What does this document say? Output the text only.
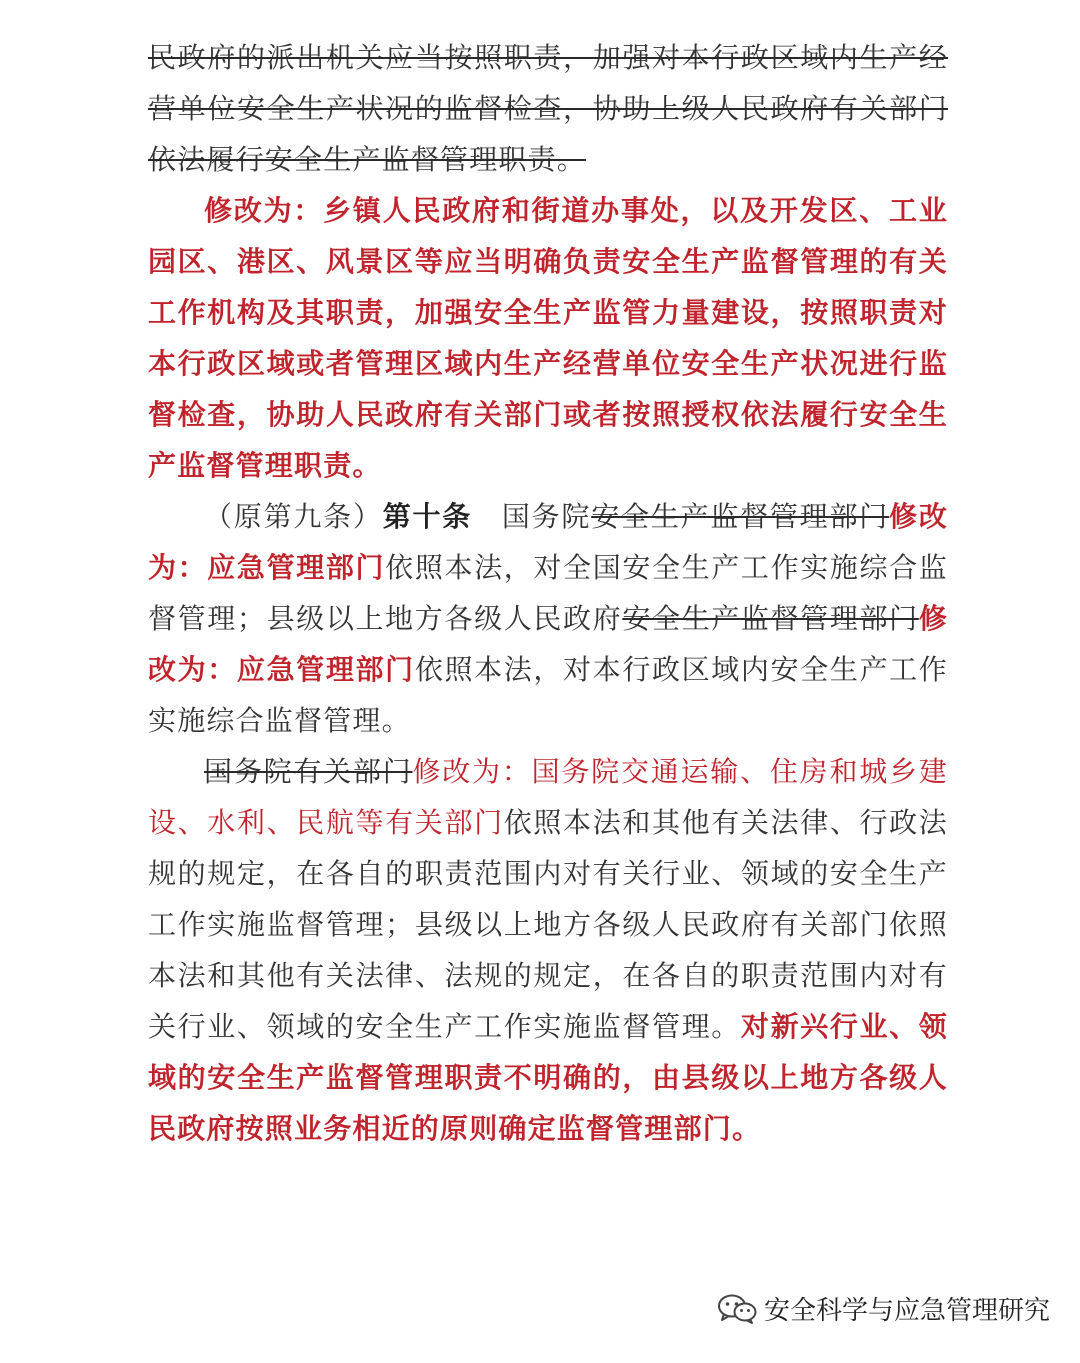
民政府的派出机关应当按照职责，加强对本行政区域内生产经营单位安全生产状况的监督检查，协助上级人民政府有关部门依法履行安全生产监督管理职责。

修改为：乡镇人民政府和街道办事处，以及开发区、工业园区、港区、风景区等应当明确负责安全生产监督管理的有关工作机构及其职责，加强安全生产监管力量建设，按照职责对本行政区域或者管理区域内生产经营单位安全生产状况进行监督检查，协助人民政府有关部门或者按照授权依法履行安全生产监督管理职责。

（原第九条）第十条　国务院安全生产监督管理部门修改为：应急管理部门依照本法，对全国安全生产工作实施综合监督管理；县级以上地方各级人民政府安全生产监督管理部门修改为：应急管理部门依照本法，对本行政区域内安全生产工作实施综合监督管理。

国务院有关部门修改为：国务院交通运输、住房和城乡建设、水利、民航等有关部门依照本法和其他有关法律、行政法规的规定，在各自的职责范围内对有关行业、领域的安全生产工作实施监督管理；县级以上地方各级人民政府有关部门依照本法和其他有关法律、法规的规定，在各自的职责范围内对有关行业、领域的安全生产工作实施监督管理。对新兴行业、领域的安全生产监督管理职责不明确的，由县级以上地方各级人民政府按照业务相近的原则确定监督管理部门。

安全科学与应急管理研究
